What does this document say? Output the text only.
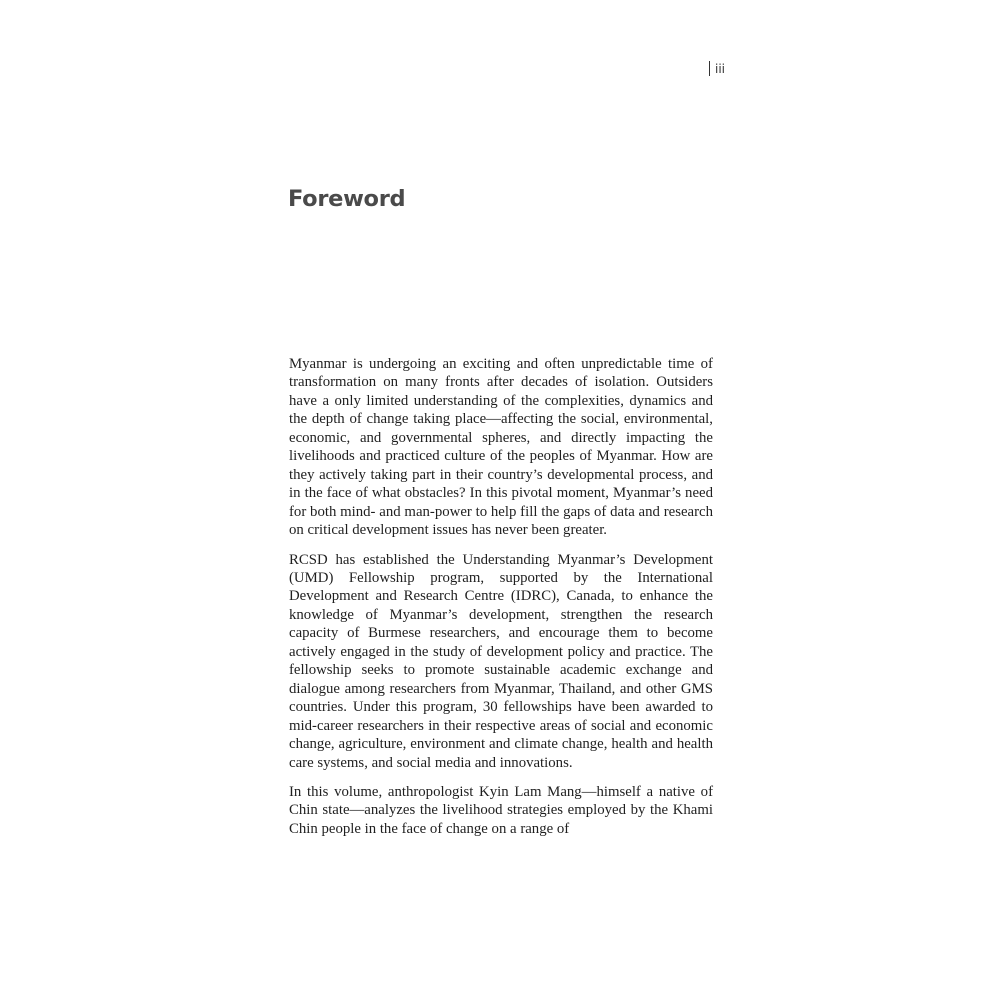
iii
Foreword

Myanmar is undergoing an exciting and often unpredictable time of transformation on many fronts after decades of isolation. Outsiders have a only limited understanding of the complexities, dynamics and the depth of change taking place—affecting the social, environmental, economic, and governmental spheres, and directly impacting the livelihoods and practiced culture of the peoples of Myanmar. How are they actively taking part in their country’s developmental process, and in the face of what obstacles? In this pivotal moment, Myanmar’s need for both mind- and man-power to help fill the gaps of data and research on critical development issues has never been greater.

RCSD has established the Understanding Myanmar’s Development (UMD) Fellowship program, supported by the International Development and Research Centre (IDRC), Canada, to enhance the knowledge of Myanmar’s development, strengthen the research capacity of Burmese researchers, and encourage them to become actively engaged in the study of development policy and practice. The fellowship seeks to promote sustainable academic exchange and dialogue among researchers from Myanmar, Thailand, and other GMS countries. Under this program, 30 fellowships have been awarded to mid-career researchers in their respective areas of social and economic change, agriculture, environment and climate change, health and health care systems, and social media and innovations.

In this volume, anthropologist Kyin Lam Mang—himself a native of Chin state—analyzes the livelihood strategies employed by the Khami Chin people in the face of change on a range of
